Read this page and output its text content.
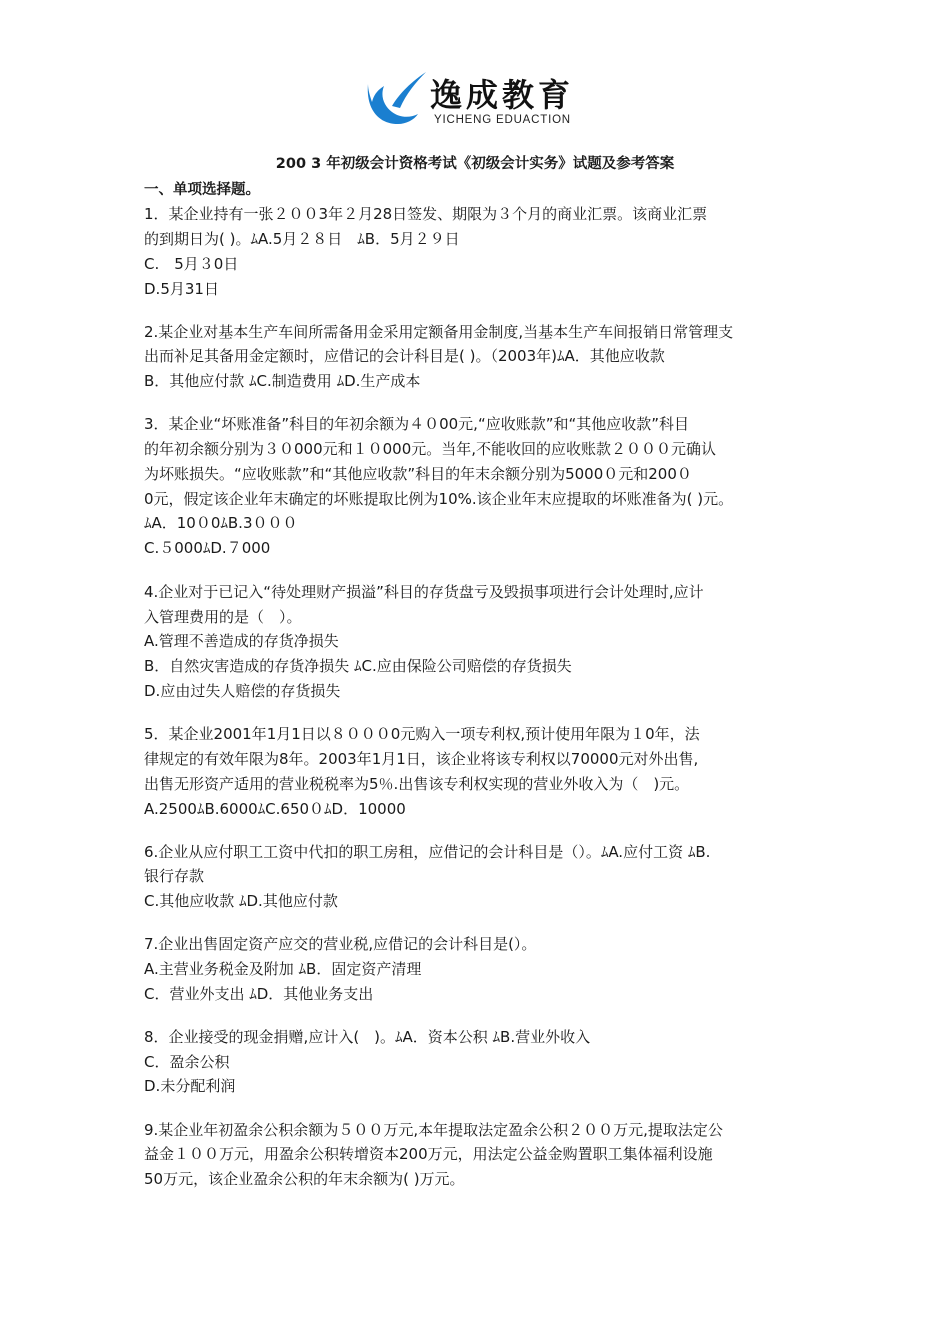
逸成教育
YICHENG EDUACTION
200 3 年初级会计资格考试《初级会计实务》试题及参考答案
一、单项选择题。
1．某企业持有一张２００3年２月28日签发、期限为３个月的商业汇票。该商业汇票
的到期日为( )。ﾑA.5月２８日　ﾑB．5月２９日
C.　5月３0日
D.5月31日
2.某企业对基本生产车间所需备用金采用定额备用金制度,当基本生产车间报销日常管理支
出而补足其备用金定额时，应借记的会计科目是( )。（2003年)ﾑA．其他应收款
B．其他应付款 ﾑC.制造费用 ﾑD.生产成本
3．某企业“坏账准备”科目的年初余额为４０00元,“应收账款”和“其他应收款”科目
的年初余额分别为３０000元和１０000元。当年,不能收回的应收账款２０００元确认
为坏账损失。“应收账款”和“其他应收款”科目的年末余额分别为5000０元和200０
0元，假定该企业年末确定的坏账提取比例为10%.该企业年末应提取的坏账准备为( )元。
ﾑA．10０0ﾑB.3０００
C.５000ﾑD.７000
4.企业对于已记入“待处理财产损溢”科目的存货盘亏及毁损事项进行会计处理时,应计
入管理费用的是（　）。
A.管理不善造成的存货净损失
B．自然灾害造成的存货净损失 ﾑC.应由保险公司赔偿的存货损失
D.应由过失人赔偿的存货损失
5．某企业2001年1月1日以８０００0元购入一项专利权,预计使用年限为１0年，法
律规定的有效年限为8年。2003年1月1日，该企业将该专利权以70000元对外出售,
出售无形资产适用的营业税税率为5％.出售该专利权实现的营业外收入为（　)元。
A.2500ﾑB.6000ﾑC.650０ﾑD．10000
6.企业从应付职工工资中代扣的职工房租，应借记的会计科目是（）。ﾑA.应付工资 ﾑB.
银行存款
C.其他应收款 ﾑD.其他应付款
7.企业出售固定资产应交的营业税,应借记的会计科目是(）。
A.主营业务税金及附加 ﾑB．固定资产清理
C．营业外支出 ﾑD．其他业务支出
8．企业接受的现金捐赠,应计入(　)。ﾑA．资本公积 ﾑB.营业外收入
C．盈余公积
D.未分配利润
9.某企业年初盈余公积余额为５００万元,本年提取法定盈余公积２００万元,提取法定公
益金１００万元，用盈余公积转增资本200万元，用法定公益金购置职工集体福利设施
50万元，该企业盈余公积的年末余额为( )万元。
